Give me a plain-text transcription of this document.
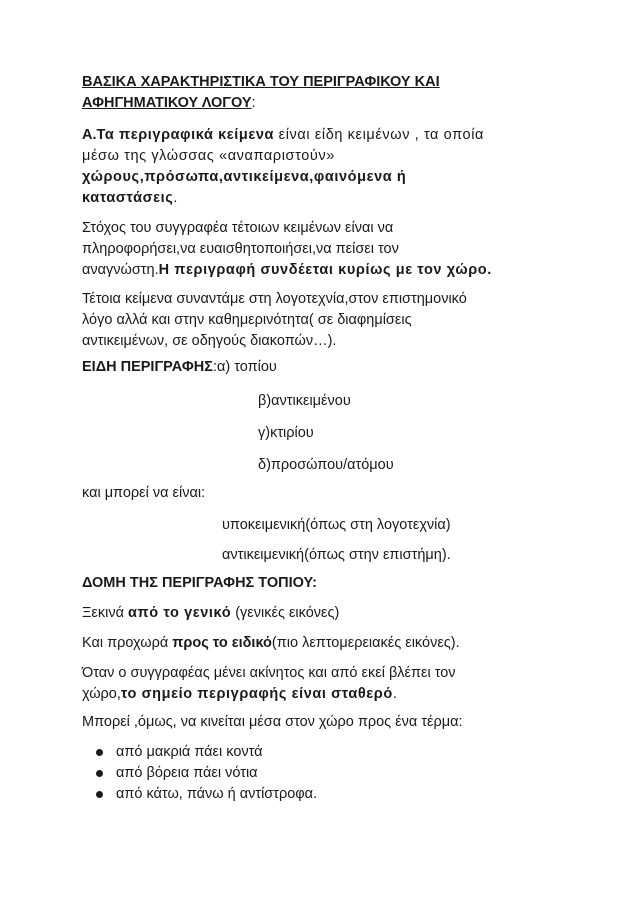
ΒΑΣΙΚΑ ΧΑΡΑΚΤΗΡΙΣΤΙΚΑ ΤΟΥ ΠΕΡΙΓΡΑΦΙΚΟΥ ΚΑΙ
ΑΦΗΓΗΜΑΤΙΚΟΥ ΛΟΓΟΥ:
Α.Τα περιγραφικά κείμενα είναι είδη κειμένων , τα οποία
μέσω της γλώσσας «αναπαριστούν»
χώρους,πρόσωπα,αντικείμενα,φαινόμενα ή
καταστάσεις.
Στόχος του συγγραφέα τέτοιων κειμένων είναι να
πληροφορήσει,να ευαισθητοποιήσει,να πείσει τον
αναγνώστη.Η περιγραφή συνδέεται κυρίως με τον χώρο.
Τέτοια κείμενα συναντάμε στη λογοτεχνία,στον επιστημονικό
λόγο αλλά και στην καθημερινότητα( σε διαφημίσεις
αντικειμένων, σε οδηγούς διακοπών…).
ΕΙΔΗ ΠΕΡΙΓΡΑΦΗΣ:α) τοπίου
β)αντικειμένου
γ)κτιρίου
δ)προσώπου/ατόμου
και μπορεί να είναι:
υποκειμενική(όπως στη λογοτεχνία)
αντικειμενική(όπως στην επιστήμη).
ΔΟΜΗ ΤΗΣ ΠΕΡΙΓΡΑΦΗΣ ΤΟΠΙΟΥ:
Ξεκινά από το γενικό (γενικές εικόνες)
Και προχωρά προς το ειδικό(πιο λεπτομερειακές εικόνες).
Όταν ο συγγραφέας μένει ακίνητος και από εκεί βλέπει τον
χώρο,το σημείο περιγραφής είναι σταθερό.
Μπορεί ,όμως, να κινείται μέσα στον χώρο προς ένα τέρμα:
από μακριά πάει κοντά
από βόρεια πάει νότια
από κάτω, πάνω ή αντίστροφα.
